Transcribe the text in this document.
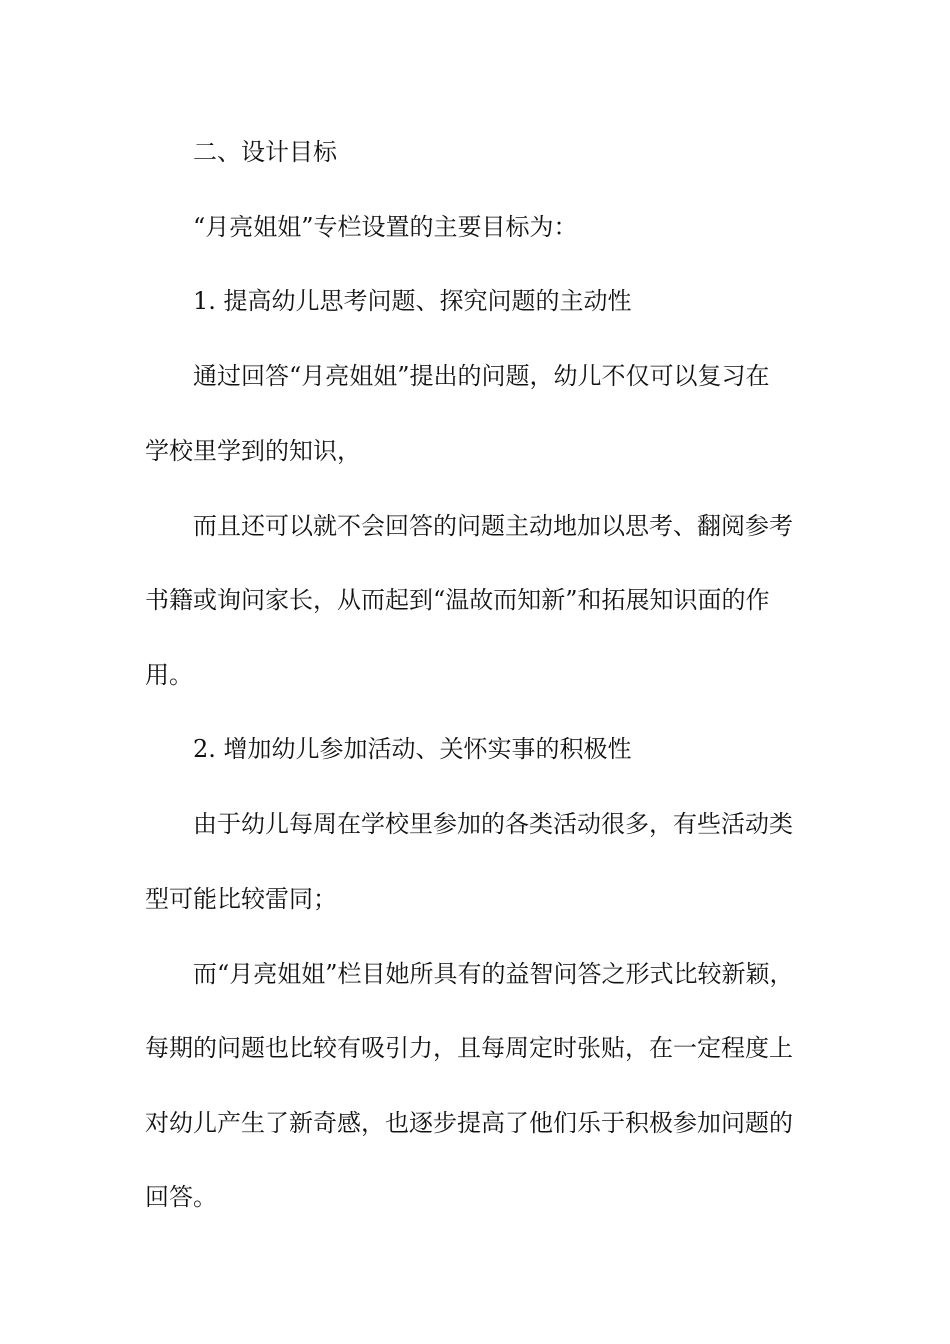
二、设计目标
“月亮姐姐”专栏设置的主要目标为：
1. 提高幼儿思考问题、探究问题的主动性
通过回答“月亮姐姐”提出的问题，幼儿不仅可以复习在
学校里学到的知识，
而且还可以就不会回答的问题主动地加以思考、翻阅参考
书籍或询问家长，从而起到“温故而知新”和拓展知识面的作
用。
2. 增加幼儿参加活动、关怀实事的积极性
由于幼儿每周在学校里参加的各类活动很多，有些活动类
型可能比较雷同；
而“月亮姐姐”栏目她所具有的益智问答之形式比较新颖，
每期的问题也比较有吸引力，且每周定时张贴，在一定程度上
对幼儿产生了新奇感，也逐步提高了他们乐于积极参加问题的
回答。
